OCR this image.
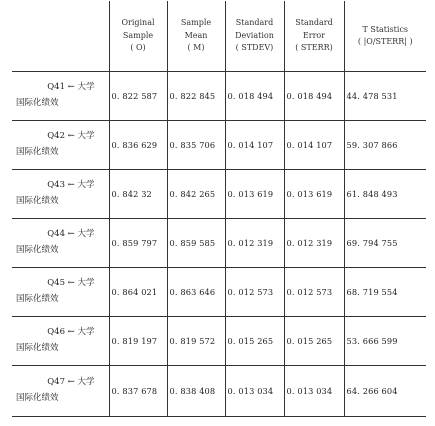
	Original
Sample
( O)	Sample
Mean
( M)	Standard
Deviation
( STDEV)	Standard
Error
( STERR)	T Statistics
( |O/STERR| )

Q41 ← 大学
国际化绩效	0. 822 587	0. 822 845	0. 018 494	0. 018 494	44. 478 531

Q42 ← 大学
国际化绩效	0. 836 629	0. 835 706	0. 014 107	0. 014 107	59. 307 866

Q43 ← 大学
国际化绩效	0. 842 32	0. 842 265	0. 013 619	0. 013 619	61. 848 493

Q44 ← 大学
国际化绩效	0. 859 797	0. 859 585	0. 012 319	0. 012 319	69. 794 755

Q45 ← 大学
国际化绩效	0. 864 021	0. 863 646	0. 012 573	0. 012 573	68. 719 554

Q46 ← 大学
国际化绩效	0. 819 197	0. 819 572	0. 015 265	0. 015 265	53. 666 599

Q47 ← 大学
国际化绩效	0. 837 678	0. 838 408	0. 013 034	0. 013 034	64. 266 604
